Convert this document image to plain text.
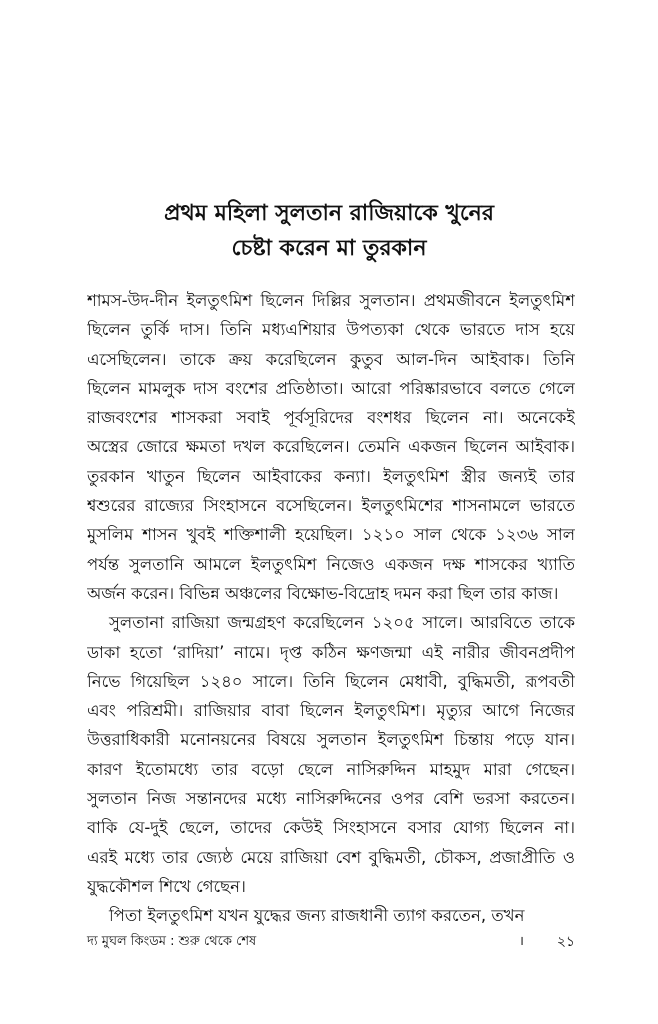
প্রথম মহিলা সুলতান রাজিয়াকে খুনের
চেষ্টা করেন মা তুরকান
শামস-উদ-দীন ইলতুৎমিশ ছিলেন দিল্লির সুলতান। প্রথমজীবনে ইলতুৎমিশ
ছিলেন তুর্কি দাস। তিনি মধ্যএশিয়ার উপত্যকা থেকে ভারতে দাস হয়ে
এসেছিলেন। তাকে ক্রয় করেছিলেন কুতুব আল-দিন আইবাক। তিনি
ছিলেন মামলুক দাস বংশের প্রতিষ্ঠাতা। আরো পরিষ্কারভাবে বলতে গেলে
রাজবংশের শাসকরা সবাই পূর্বসূরিদের বংশধর ছিলেন না। অনেকেই
অস্ত্রের জোরে ক্ষমতা দখল করেছিলেন। তেমনি একজন ছিলেন আইবাক।
তুরকান খাতুন ছিলেন আইবাকের কন্যা। ইলতুৎমিশ স্ত্রীর জন্যই তার
শ্বশুরের রাজ্যের সিংহাসনে বসেছিলেন। ইলতুৎমিশের শাসনামলে ভারতে
মুসলিম শাসন খুবই শক্তিশালী হয়েছিল। ১২১০ সাল থেকে ১২৩৬ সাল
পর্যন্ত সুলতানি আমলে ইলতুৎমিশ নিজেও একজন দক্ষ শাসকের খ্যাতি
অর্জন করেন। বিভিন্ন অঞ্চলের বিক্ষোভ-বিদ্রোহ দমন করা ছিল তার কাজ।
সুলতানা রাজিয়া জন্মগ্রহণ করেছিলেন ১২০৫ সালে। আরবিতে তাকে
ডাকা হতো ‘রাদিয়া’ নামে। দৃপ্ত কঠিন ক্ষণজন্মা এই নারীর জীবনপ্রদীপ
নিভে গিয়েছিল ১২৪০ সালে। তিনি ছিলেন মেধাবী, বুদ্ধিমতী, রূপবতী
এবং পরিশ্রমী। রাজিয়ার বাবা ছিলেন ইলতুৎমিশ। মৃত্যুর আগে নিজের
উত্তরাধিকারী মনোনয়নের বিষয়ে সুলতান ইলতুৎমিশ চিন্তায় পড়ে যান।
কারণ ইতোমধ্যে তার বড়ো ছেলে নাসিরুদ্দিন মাহমুদ মারা গেছেন।
সুলতান নিজ সন্তানদের মধ্যে নাসিরুদ্দিনের ওপর বেশি ভরসা করতেন।
বাকি যে-দুই ছেলে, তাদের কেউই সিংহাসনে বসার যোগ্য ছিলেন না।
এরই মধ্যে তার জ্যেষ্ঠ মেয়ে রাজিয়া বেশ বুদ্ধিমতী, চৌকস, প্রজাপ্রীতি ও
যুদ্ধকৌশল শিখে গেছেন।
পিতা ইলতুৎমিশ যখন যুদ্ধের জন্য রাজধানী ত্যাগ করতেন, তখন
দ্য মুঘল কিংডম : শুরু থেকে শেষ	। ২১
